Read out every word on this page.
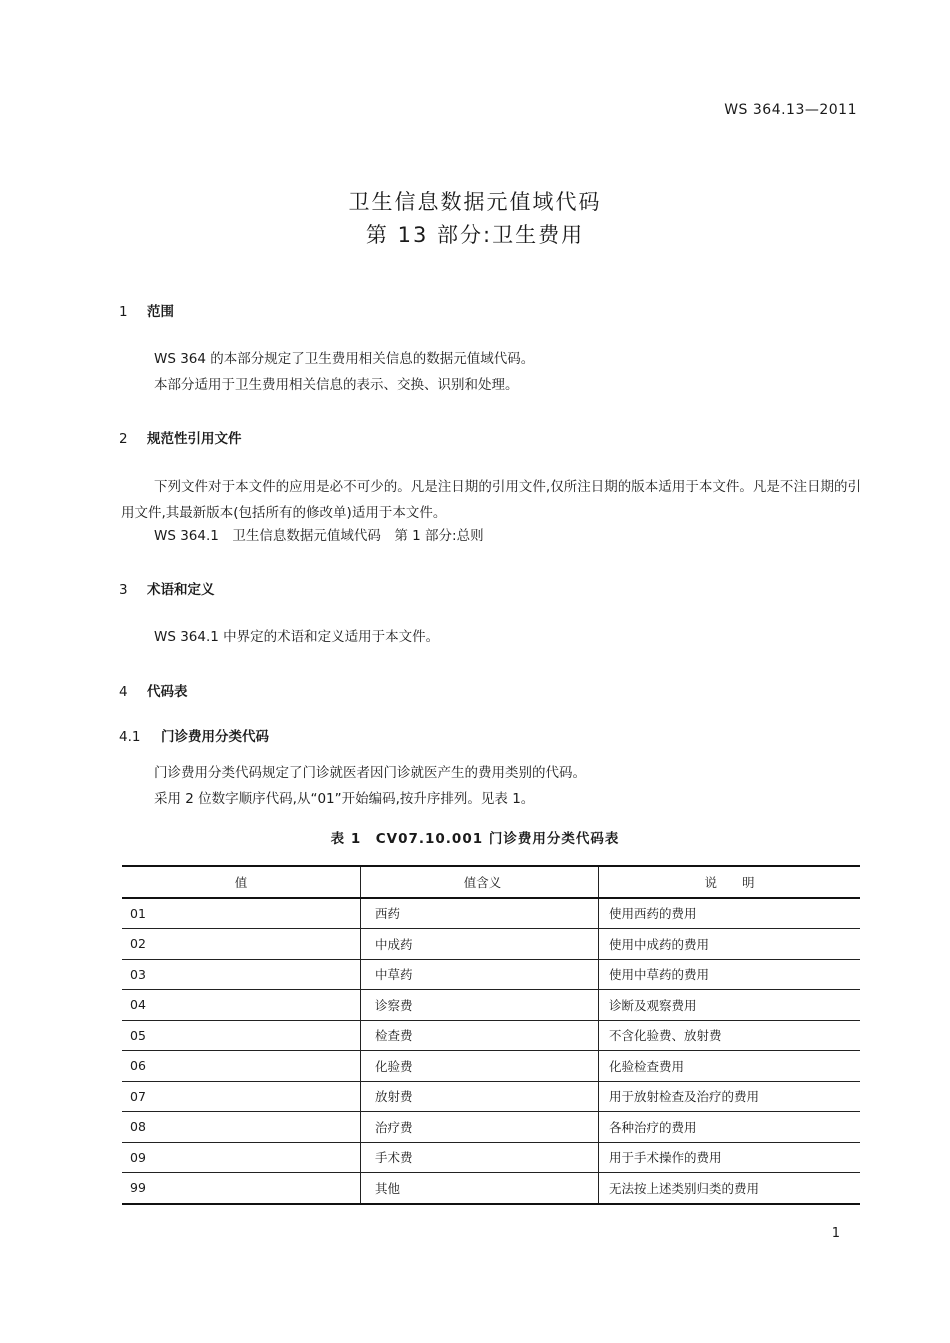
WS 364.13—2011
卫生信息数据元值域代码
第 13 部分:卫生费用
1 范围
WS 364 的本部分规定了卫生费用相关信息的数据元值域代码。
本部分适用于卫生费用相关信息的表示、交换、识别和处理。
2 规范性引用文件
下列文件对于本文件的应用是必不可少的。凡是注日期的引用文件,仅所注日期的版本适用于本文件。凡是不注日期的引用文件,其最新版本(包括所有的修改单)适用于本文件。
WS 364.1　卫生信息数据元值域代码　第 1 部分:总则
3 术语和定义
WS 364.1 中界定的术语和定义适用于本文件。
4 代码表
4.1 门诊费用分类代码
门诊费用分类代码规定了门诊就医者因门诊就医产生的费用类别的代码。
采用 2 位数字顺序代码,从“01”开始编码,按升序排列。见表 1。
表 1　CV07.10.001 门诊费用分类代码表
值	值含义	说　　明
01	西药	使用西药的费用
02	中成药	使用中成药的费用
03	中草药	使用中草药的费用
04	诊察费	诊断及观察费用
05	检查费	不含化验费、放射费
06	化验费	化验检查费用
07	放射费	用于放射检查及治疗的费用
08	治疗费	各种治疗的费用
09	手术费	用于手术操作的费用
99	其他	无法按上述类别归类的费用
1
